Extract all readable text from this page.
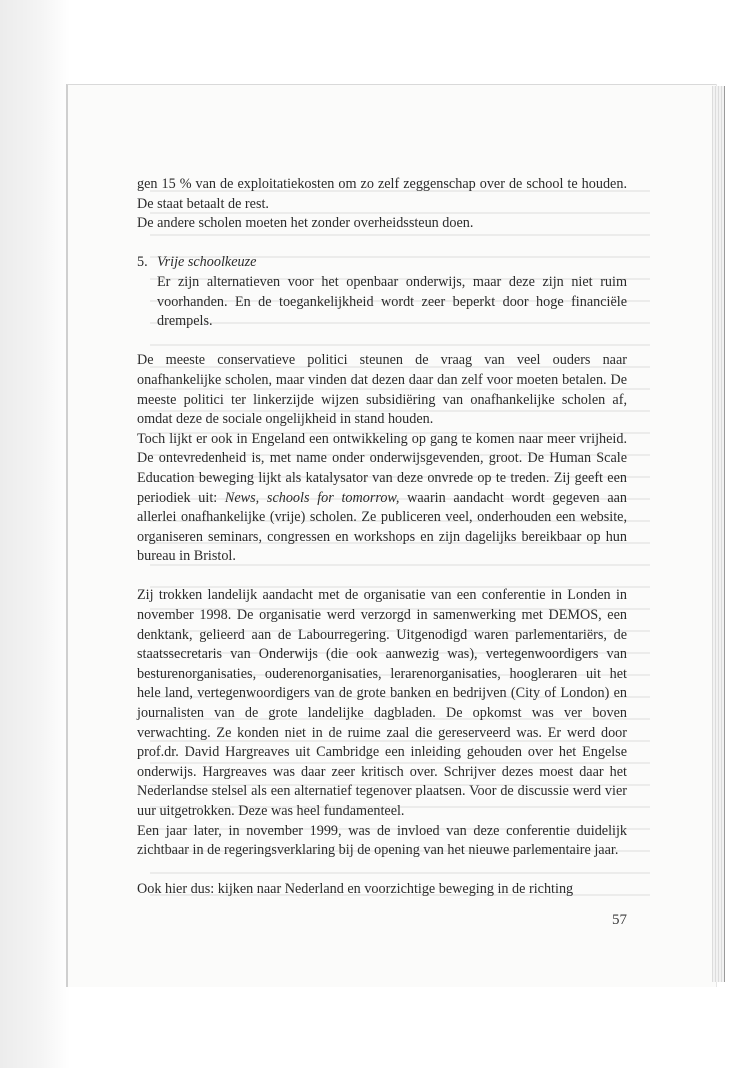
gen 15 % van de exploitatiekosten om zo zelf zeggenschap over de school te houden. De staat betaalt de rest.

De andere scholen moeten het zonder overheidssteun doen.

5. Vrije schoolkeuze

Er zijn alternatieven voor het openbaar onderwijs, maar deze zijn niet ruim voorhanden. En de toegankelijkheid wordt zeer beperkt door hoge financiële drempels.

De meeste conservatieve politici steunen de vraag van veel ouders naar onafhankelijke scholen, maar vinden dat dezen daar dan zelf voor moeten betalen. De meeste politici ter linkerzijde wijzen subsidiëring van onafhankelijke scholen af, omdat deze de sociale ongelijkheid in stand houden.

Toch lijkt er ook in Engeland een ontwikkeling op gang te komen naar meer vrijheid. De ontevredenheid is, met name onder onderwijsgevenden, groot. De Human Scale Education beweging lijkt als katalysator van deze onvrede op te treden. Zij geeft een periodiek uit: News, schools for tomorrow, waarin aandacht wordt gegeven aan allerlei onafhankelijke (vrije) scholen. Ze publiceren veel, onderhouden een website, organiseren seminars, congressen en workshops en zijn dagelijks bereikbaar op hun bureau in Bristol.

Zij trokken landelijk aandacht met de organisatie van een conferentie in Londen in november 1998. De organisatie werd verzorgd in samenwerking met DEMOS, een denktank, gelieerd aan de Labourregering. Uitgenodigd waren parlementariërs, de staatssecretaris van Onderwijs (die ook aanwezig was), vertegenwoordigers van besturenorganisaties, ouderenorganisaties, lerarenorganisaties, hoogleraren uit het hele land, vertegenwoordigers van de grote banken en bedrijven (City of London) en journalisten van de grote landelijke dagbladen. De opkomst was ver boven verwachting. Ze konden niet in de ruime zaal die gereserveerd was. Er werd door prof.dr. David Hargreaves uit Cambridge een inleiding gehouden over het Engelse onderwijs. Hargreaves was daar zeer kritisch over. Schrijver dezes moest daar het Nederlandse stelsel als een alternatief tegenover plaatsen. Voor de discussie werd vier uur uitgetrokken. Deze was heel fundamenteel.

Een jaar later, in november 1999, was de invloed van deze conferentie duidelijk zichtbaar in de regeringsverklaring bij de opening van het nieuwe parlementaire jaar.

Ook hier dus: kijken naar Nederland en voorzichtige beweging in de richting

57
